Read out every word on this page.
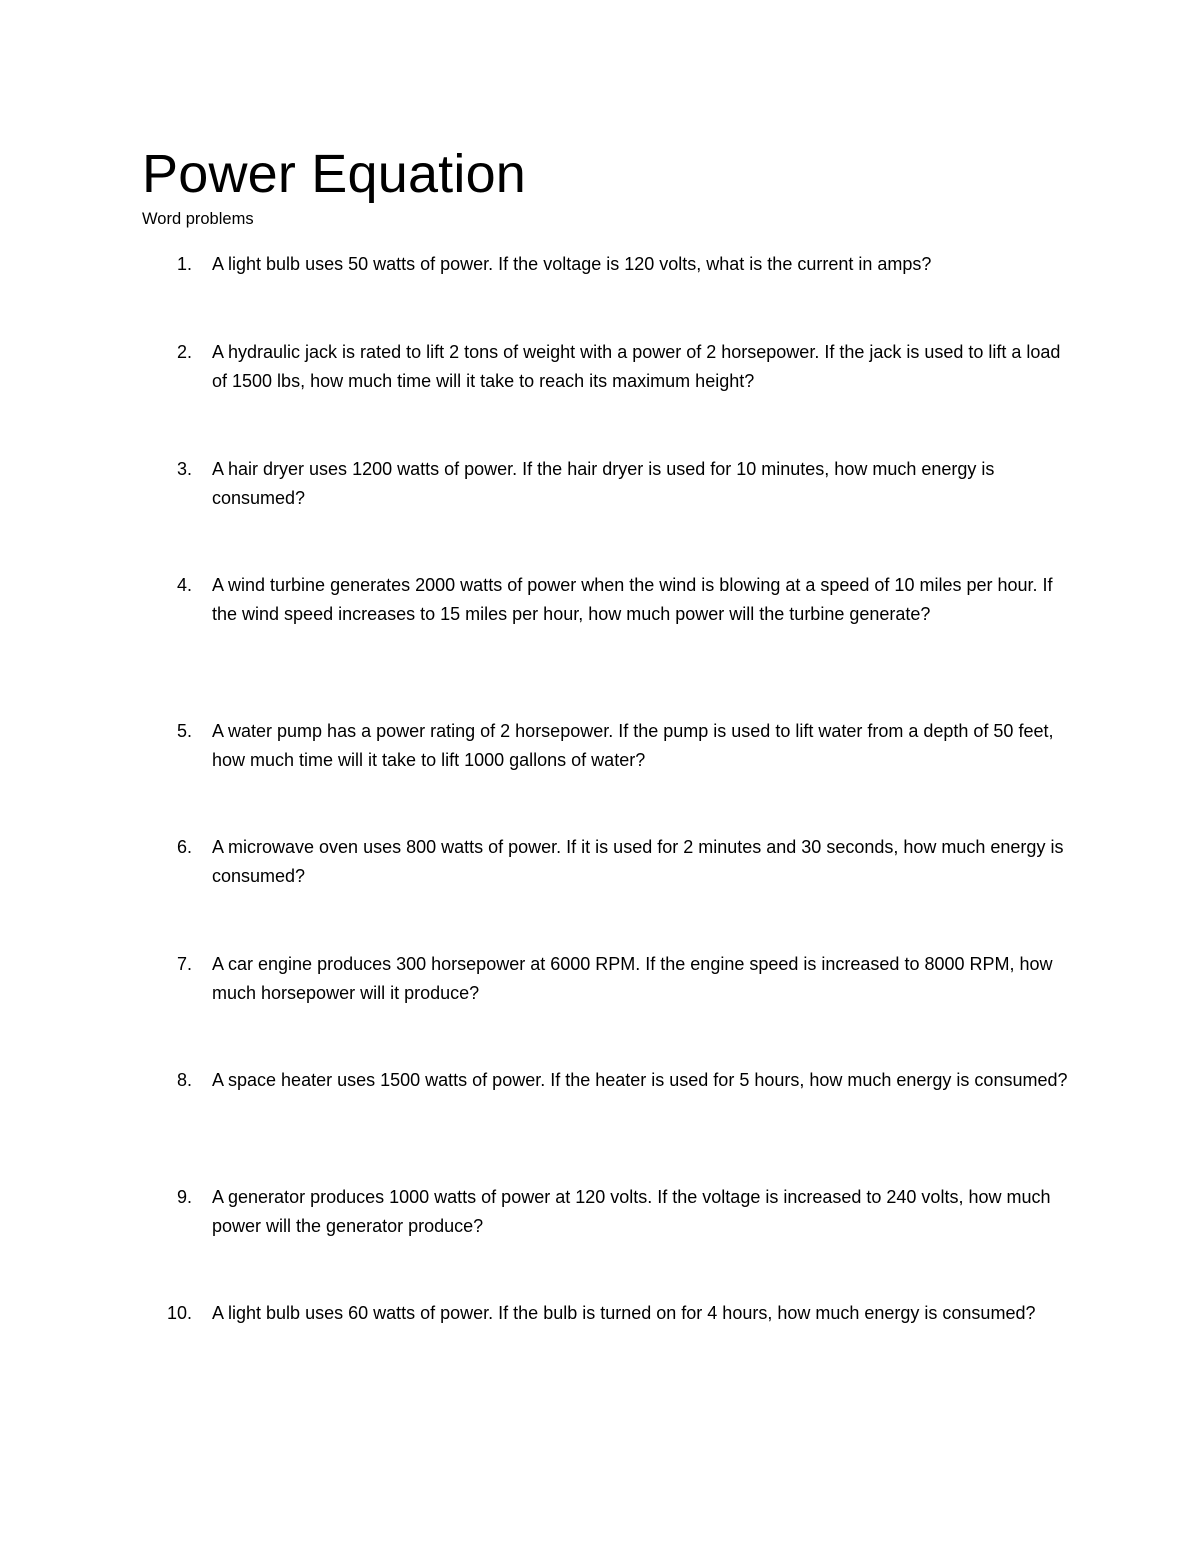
Power Equation

Word problems

1. A light bulb uses 50 watts of power. If the voltage is 120 volts, what is the current in amps?
2. A hydraulic jack is rated to lift 2 tons of weight with a power of 2 horsepower. If the jack is used to lift a load of 1500 lbs, how much time will it take to reach its maximum height?
3. A hair dryer uses 1200 watts of power. If the hair dryer is used for 10 minutes, how much energy is consumed?
4. A wind turbine generates 2000 watts of power when the wind is blowing at a speed of 10 miles per hour. If the wind speed increases to 15 miles per hour, how much power will the turbine generate?
5. A water pump has a power rating of 2 horsepower. If the pump is used to lift water from a depth of 50 feet, how much time will it take to lift 1000 gallons of water?
6. A microwave oven uses 800 watts of power. If it is used for 2 minutes and 30 seconds, how much energy is consumed?
7. A car engine produces 300 horsepower at 6000 RPM. If the engine speed is increased to 8000 RPM, how much horsepower will it produce?
8. A space heater uses 1500 watts of power. If the heater is used for 5 hours, how much energy is consumed?
9. A generator produces 1000 watts of power at 120 volts. If the voltage is increased to 240 volts, how much power will the generator produce?
10. A light bulb uses 60 watts of power. If the bulb is turned on for 4 hours, how much energy is consumed?
